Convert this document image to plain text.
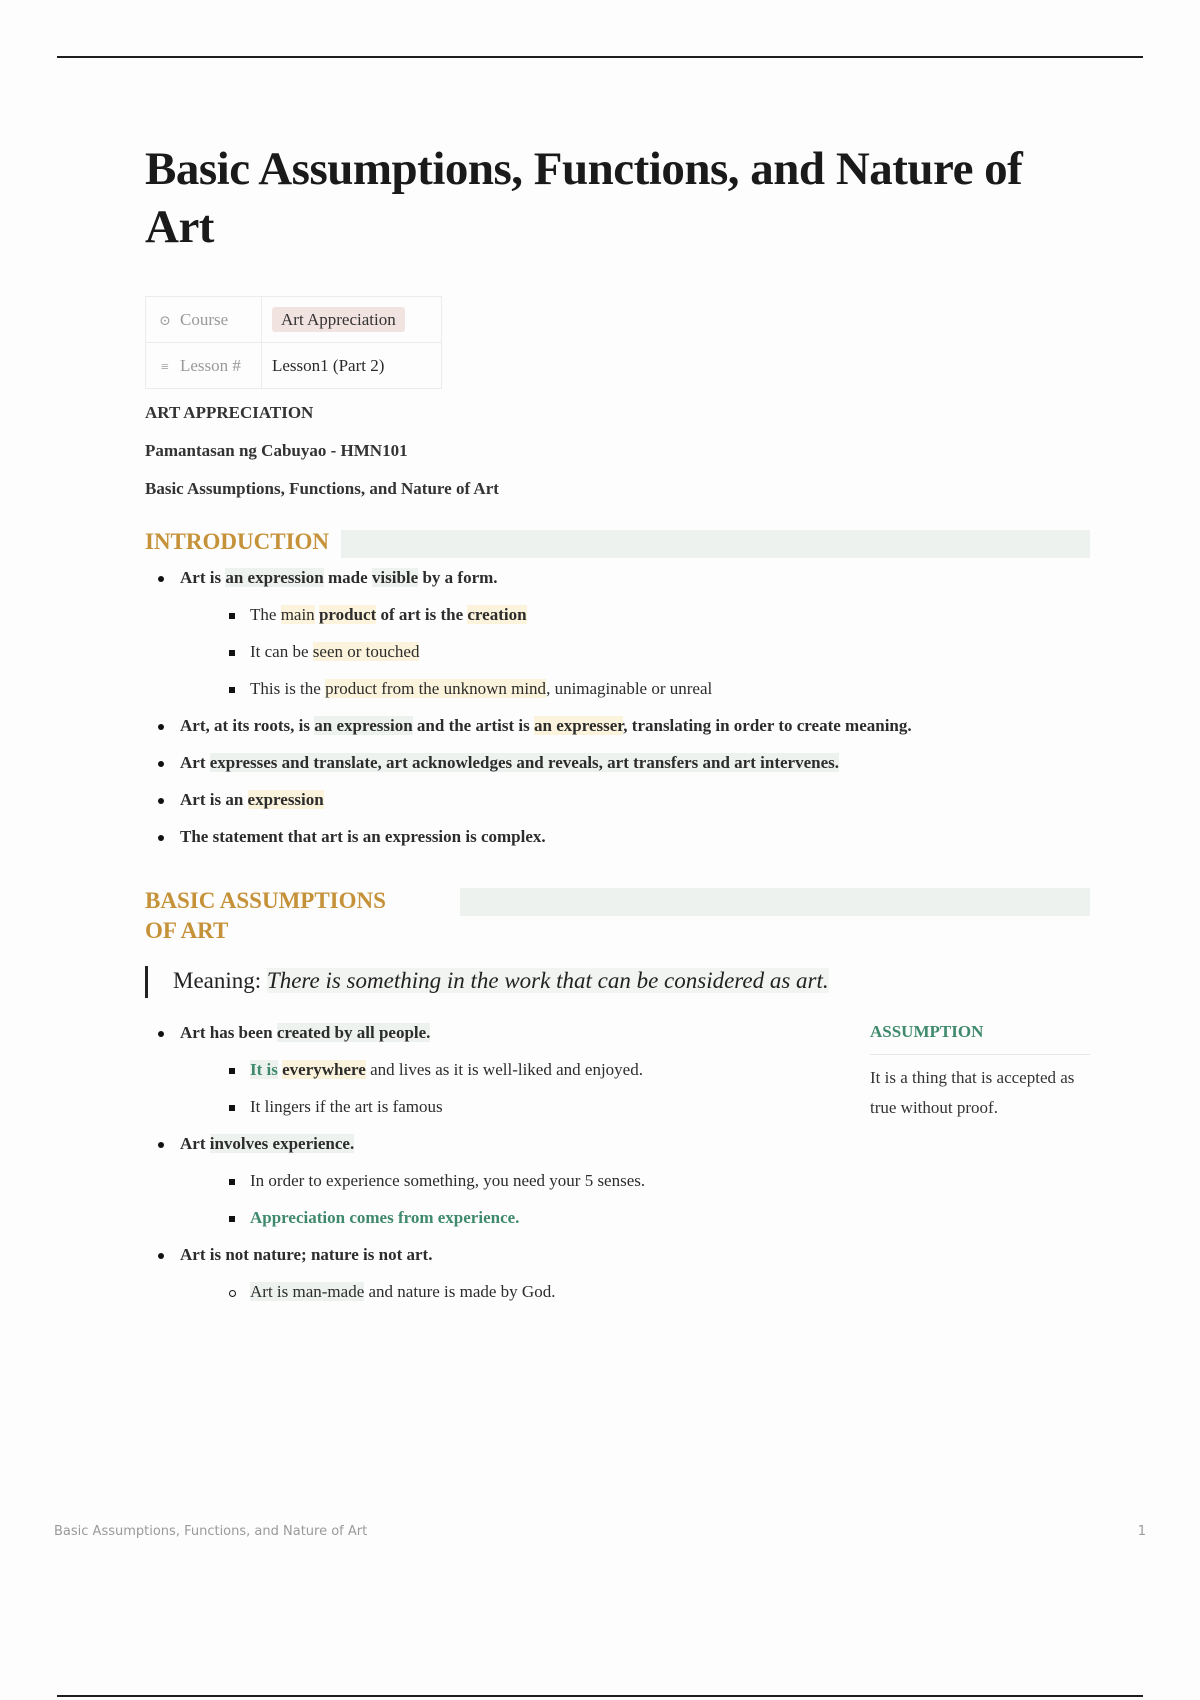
Basic Assumptions, Functions, and Nature of Art
⊙ Course	Art Appreciation
≡ Lesson #	Lesson1 (Part 2)

ART APPRECIATION

Pamantasan ng Cabuyao - HMN101

Basic Assumptions, Functions, and Nature of Art

INTRODUCTION
Art is an expression made visible by a form.
The main product of art is the creation
It can be seen or touched
This is the product from the unknown mind, unimaginable or unreal
Art, at its roots, is an expression and the artist is an expresser, translating in order to create meaning.
Art expresses and translate, art acknowledges and reveals, art transfers and art intervenes.
Art is an expression
The statement that art is an expression is complex.
BASIC ASSUMPTIONS
OF ART
Meaning: There is something in the work that can be considered as art.
Art has been created by all people.
It is everywhere and lives as it is well-liked and enjoyed.
It lingers if the art is famous
Art involves experience.
In order to experience something, you need your 5 senses.
Appreciation comes from experience.
Art is not nature; nature is not art.
Art is man-made and nature is made by God.
ASSUMPTION
It is a thing that is accepted as true without proof.
Basic Assumptions, Functions, and Nature of Art	1
